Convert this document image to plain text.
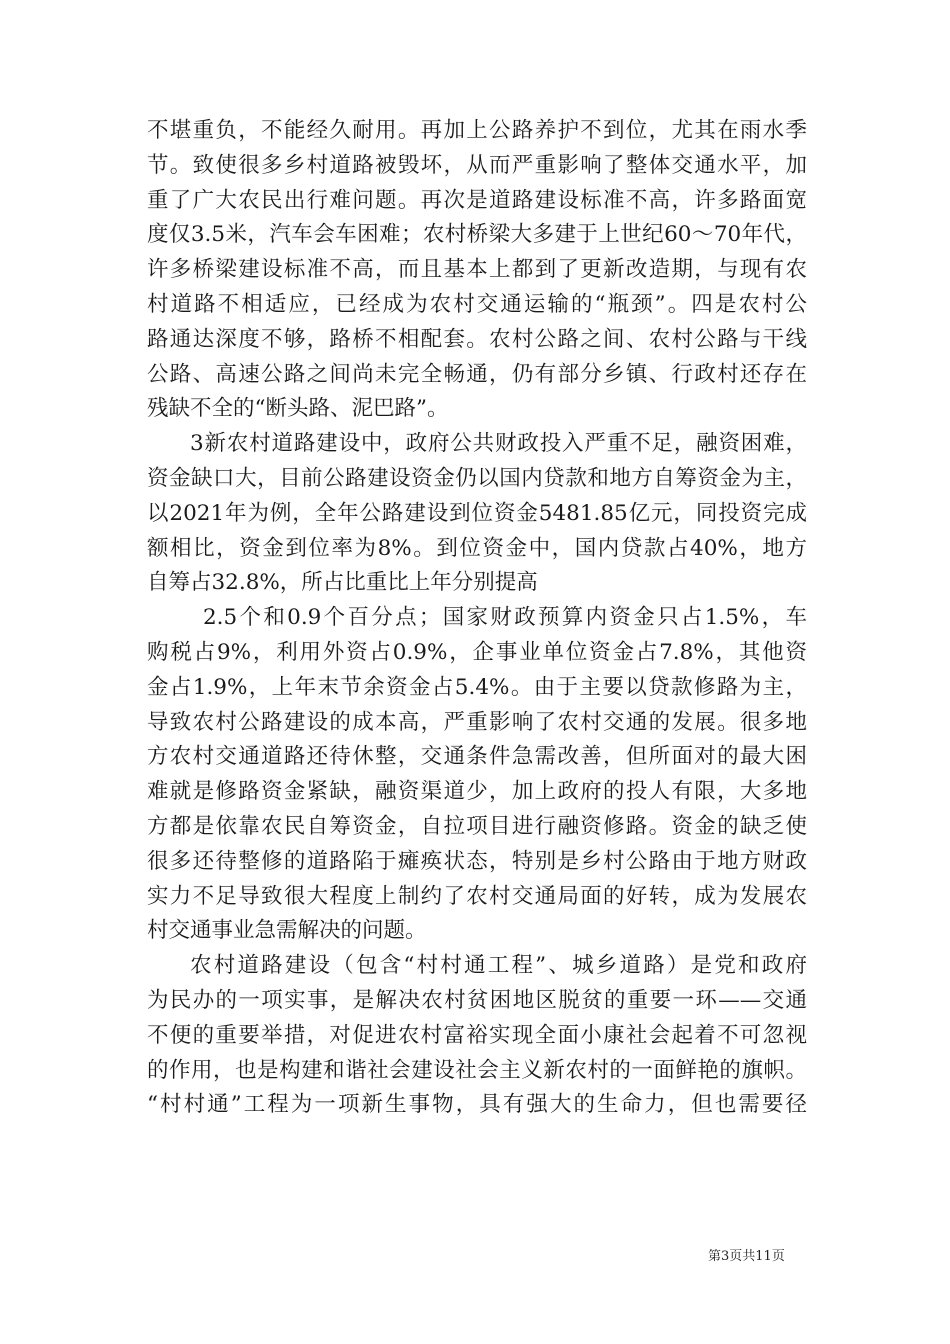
不堪重负，不能经久耐用。再加上公路养护不到位，尤其在雨水季
节。致使很多乡村道路被毁坏，从而严重影响了整体交通水平，加
重了广大农民出行难问题。再次是道路建设标准不高，许多路面宽
度仅3.5米，汽车会车困难；农村桥梁大多建于上世纪60～70年代，
许多桥梁建设标准不高，而且基本上都到了更新改造期，与现有农
村道路不相适应，已经成为农村交通运输的“瓶颈”。四是农村公
路通达深度不够，路桥不相配套。农村公路之间、农村公路与干线
公路、高速公路之间尚未完全畅通，仍有部分乡镇、行政村还存在
残缺不全的“断头路、泥巴路”。
3新农村道路建设中，政府公共财政投入严重不足，融资困难，
资金缺口大，目前公路建设资金仍以国内贷款和地方自筹资金为主，
以2021年为例，全年公路建设到位资金5481.85亿元，同投资完成
额相比，资金到位率为8%。到位资金中，国内贷款占40%，地方
自筹占32.8%，所占比重比上年分别提高
2.5个和0.9个百分点；国家财政预算内资金只占1.5%，车
购税占9%，利用外资占0.9%，企事业单位资金占7.8%，其他资
金占1.9%，上年末节余资金占5.4%。由于主要以贷款修路为主，
导致农村公路建设的成本高，严重影响了农村交通的发展。很多地
方农村交通道路还待休整，交通条件急需改善，但所面对的最大困
难就是修路资金紧缺，融资渠道少，加上政府的投人有限，大多地
方都是依靠农民自筹资金，自拉项目进行融资修路。资金的缺乏使
很多还待整修的道路陷于瘫痪状态，特别是乡村公路由于地方财政
实力不足导致很大程度上制约了农村交通局面的好转，成为发展农
村交通事业急需解决的问题。
农村道路建设（包含“村村通工程”、城乡道路）是党和政府
为民办的一项实事，是解决农村贫困地区脱贫的重要一环——交通
不便的重要举措，对促进农村富裕实现全面小康社会起着不可忽视
的作用，也是构建和谐社会建设社会主义新农村的一面鲜艳的旗帜。
“村村通”工程为一项新生事物，具有强大的生命力，但也需要径
第3页共11页
